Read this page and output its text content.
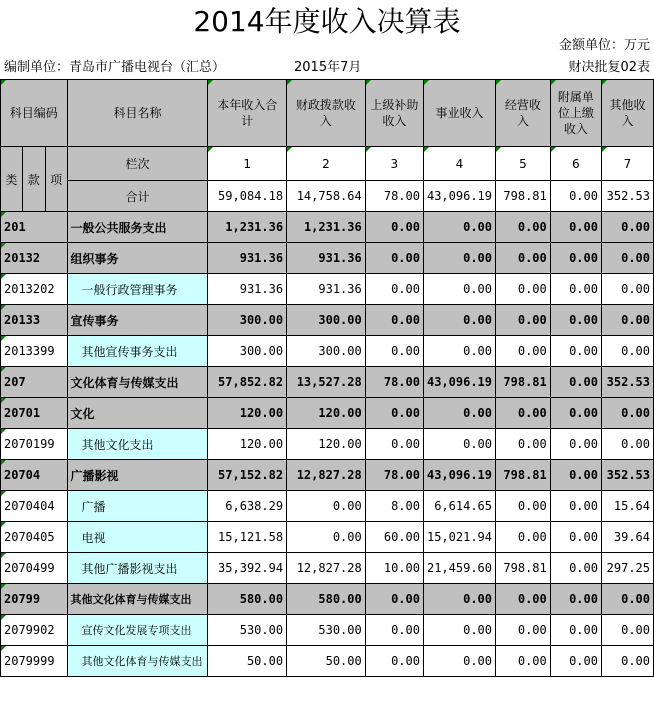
2014年度收入决算表
金额单位：万元
编制单位：青岛市广播电视台（汇总）	2015年7月	财决批复02表
科目编码			科目名称	本年收入合计	财政拨款收入	上级补助收入	事业收入	经营收入	附属单位上缴收入	其他收入
类	款	项	栏次	1	2	3	4	5	6	7
			合计	59,084.18	14,758.64	78.00	43,096.19	798.81	0.00	352.53
201			一般公共服务支出	1,231.36	1,231.36	0.00	0.00	0.00	0.00	0.00
20132			组织事务	931.36	931.36	0.00	0.00	0.00	0.00	0.00
2013202			一般行政管理事务	931.36	931.36	0.00	0.00	0.00	0.00	0.00
20133			宣传事务	300.00	300.00	0.00	0.00	0.00	0.00	0.00
2013399			其他宣传事务支出	300.00	300.00	0.00	0.00	0.00	0.00	0.00
207			文化体育与传媒支出	57,852.82	13,527.28	78.00	43,096.19	798.81	0.00	352.53
20701			文化	120.00	120.00	0.00	0.00	0.00	0.00	0.00
2070199			其他文化支出	120.00	120.00	0.00	0.00	0.00	0.00	0.00
20704			广播影视	57,152.82	12,827.28	78.00	43,096.19	798.81	0.00	352.53
2070404			广播	6,638.29	0.00	8.00	6,614.65	0.00	0.00	15.64
2070405			电视	15,121.58	0.00	60.00	15,021.94	0.00	0.00	39.64
2070499			其他广播影视支出	35,392.94	12,827.28	10.00	21,459.60	798.81	0.00	297.25
20799			其他文化体育与传媒支出	580.00	580.00	0.00	0.00	0.00	0.00	0.00
2079902			宣传文化发展专项支出	530.00	530.00	0.00	0.00	0.00	0.00	0.00
2079999			其他文化体育与传媒支出	50.00	50.00	0.00	0.00	0.00	0.00	0.00
